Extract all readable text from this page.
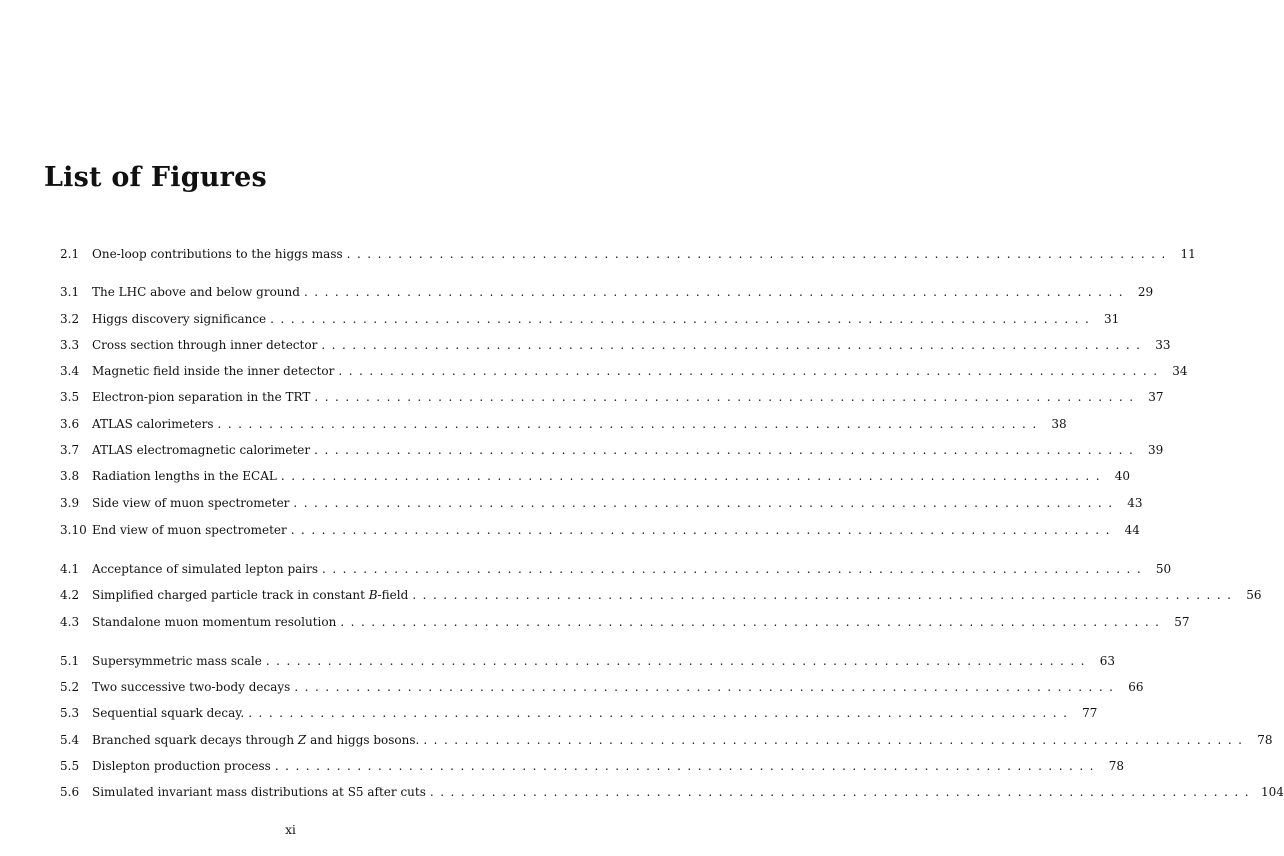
List of Figures
2.1 One-loop contributions to the higgs mass ................................................................................ 11
3.1 The LHC above and below ground ................................................................................ 29
3.2 Higgs discovery significance ................................................................................ 31
3.3 Cross section through inner detector ................................................................................ 33
3.4 Magnetic field inside the inner detector ................................................................................ 34
3.5 Electron-pion separation in the TRT ................................................................................ 37
3.6 ATLAS calorimeters ................................................................................ 38
3.7 ATLAS electromagnetic calorimeter ................................................................................ 39
3.8 Radiation lengths in the ECAL ................................................................................ 40
3.9 Side view of muon spectrometer ................................................................................ 43
3.10 End view of muon spectrometer ................................................................................ 44
4.1 Acceptance of simulated lepton pairs ................................................................................ 50
4.2 Simplified charged particle track in constant B-field ................................................................................ 56
4.3 Standalone muon momentum resolution ................................................................................ 57
5.1 Supersymmetric mass scale ................................................................................ 63
5.2 Two successive two-body decays ................................................................................ 66
5.3 Sequential squark decay. ................................................................................ 77
5.4 Branched squark decays through Z and higgs bosons. ................................................................................ 78
5.5 Dislepton production process ................................................................................ 78
5.6 Simulated invariant mass distributions at S5 after cuts ................................................................................ 104
xi
